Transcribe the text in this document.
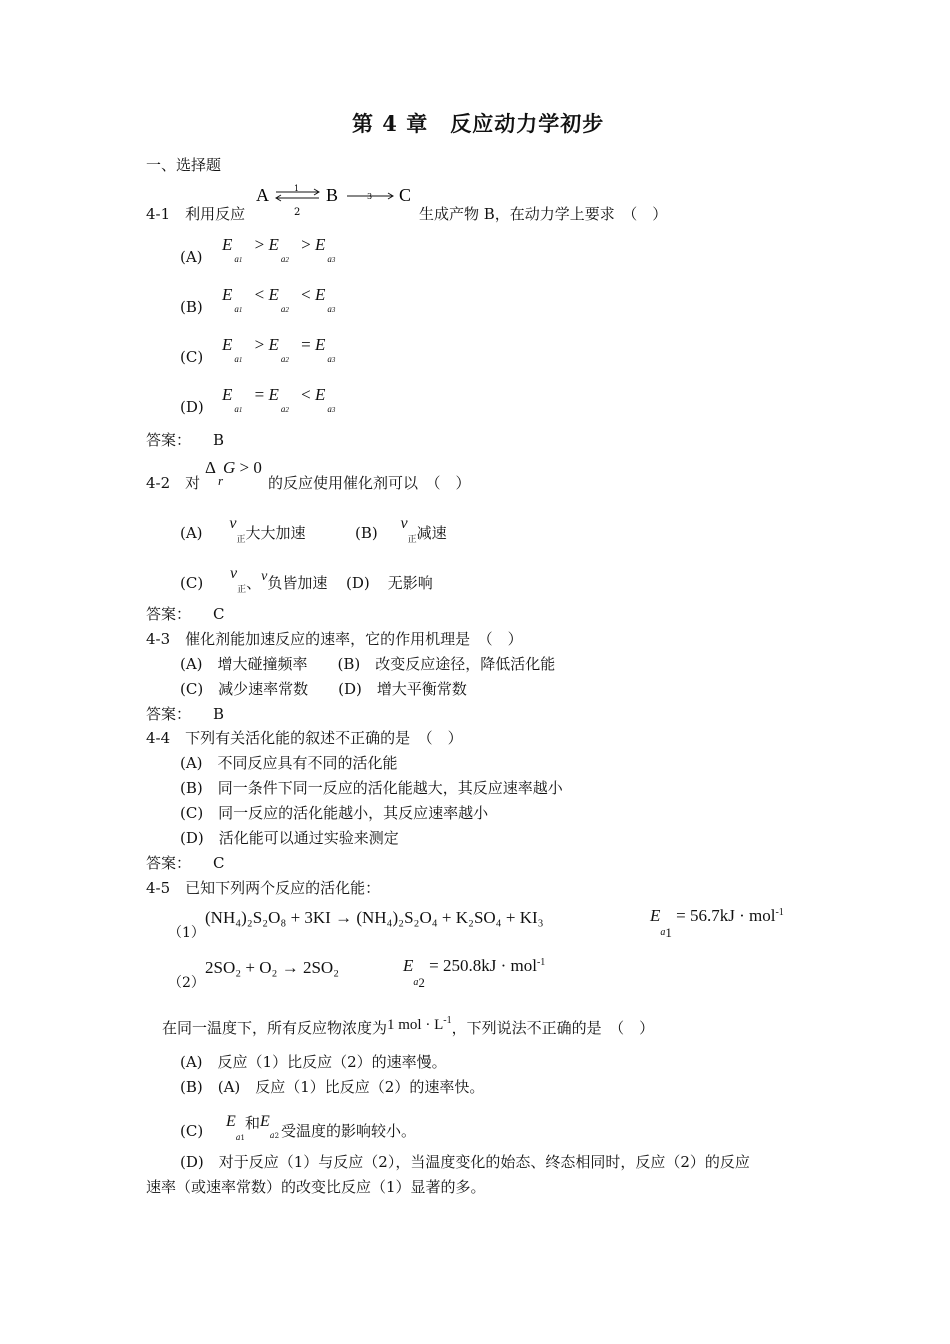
第 4 章　反应动力学初步
一、选择题
4-1　利用反应
A	1
2
B	3 C
生成产物 B，在动力学上要求　（　）
(A)
$E_{a1} > E_{a2} > E_{a3}$
(B)
$E_{a1} < E_{a2} < E_{a3}$
(C)
$E_{a1} > E_{a2} = E_{a3}$
(D)
$E_{a1} = E_{a2} < E_{a3}$
答案： B
4-2　对
$\Delta_rG > 0$
的反应使用催化剂可以　（　）
(A) $v_正$大大加速	(B) $v_正$减速
(C) $v_正$、v负皆加速 (D) 无影响
答案： C
4-3　催化剂能加速反应的速率，它的作用机理是　（　）
(A)　增大碰撞频率　　(B)　改变反应途径，降低活化能
(C)　减少速率常数　　(D)　增大平衡常数
答案： B
4-4　下列有关活化能的叙述不正确的是　（　）
(A)　不同反应具有不同的活化能
(B)　同一条件下同一反应的活化能越大，其反应速率越小
(C)　同一反应的活化能越小，其反应速率越小
(D)　活化能可以通过实验来测定
答案： C
4-5　已知下列两个反应的活化能：
（1）
(NH₄)₂S₂O₈ + 3KI → (NH₄)₂S₂O₄ + K₂SO₄ + KI₃	$E_{a1} = 56.7kJ \cdot mol^{-1}$
（2）
2SO₂ + O₂ → 2SO₂	$E_{a2} = 250.8kJ \cdot mol^{-1}$
在同一温度下，所有反应物浓度为1 mol · $L^{-1}$，下列说法不正确的是　（　）
(A)　反应（1）比反应（2）的速率慢。
(B)　(A)　反应（1）比反应（2）的速率快。
(C) $E_{a1}$和Ea2 受温度的影响较小。
(D)　对于反应（1）与反应（2），当温度变化的始态、终态相同时，反应（2）的反应
速率（或速率常数）的改变比反应（1）显著的多。
